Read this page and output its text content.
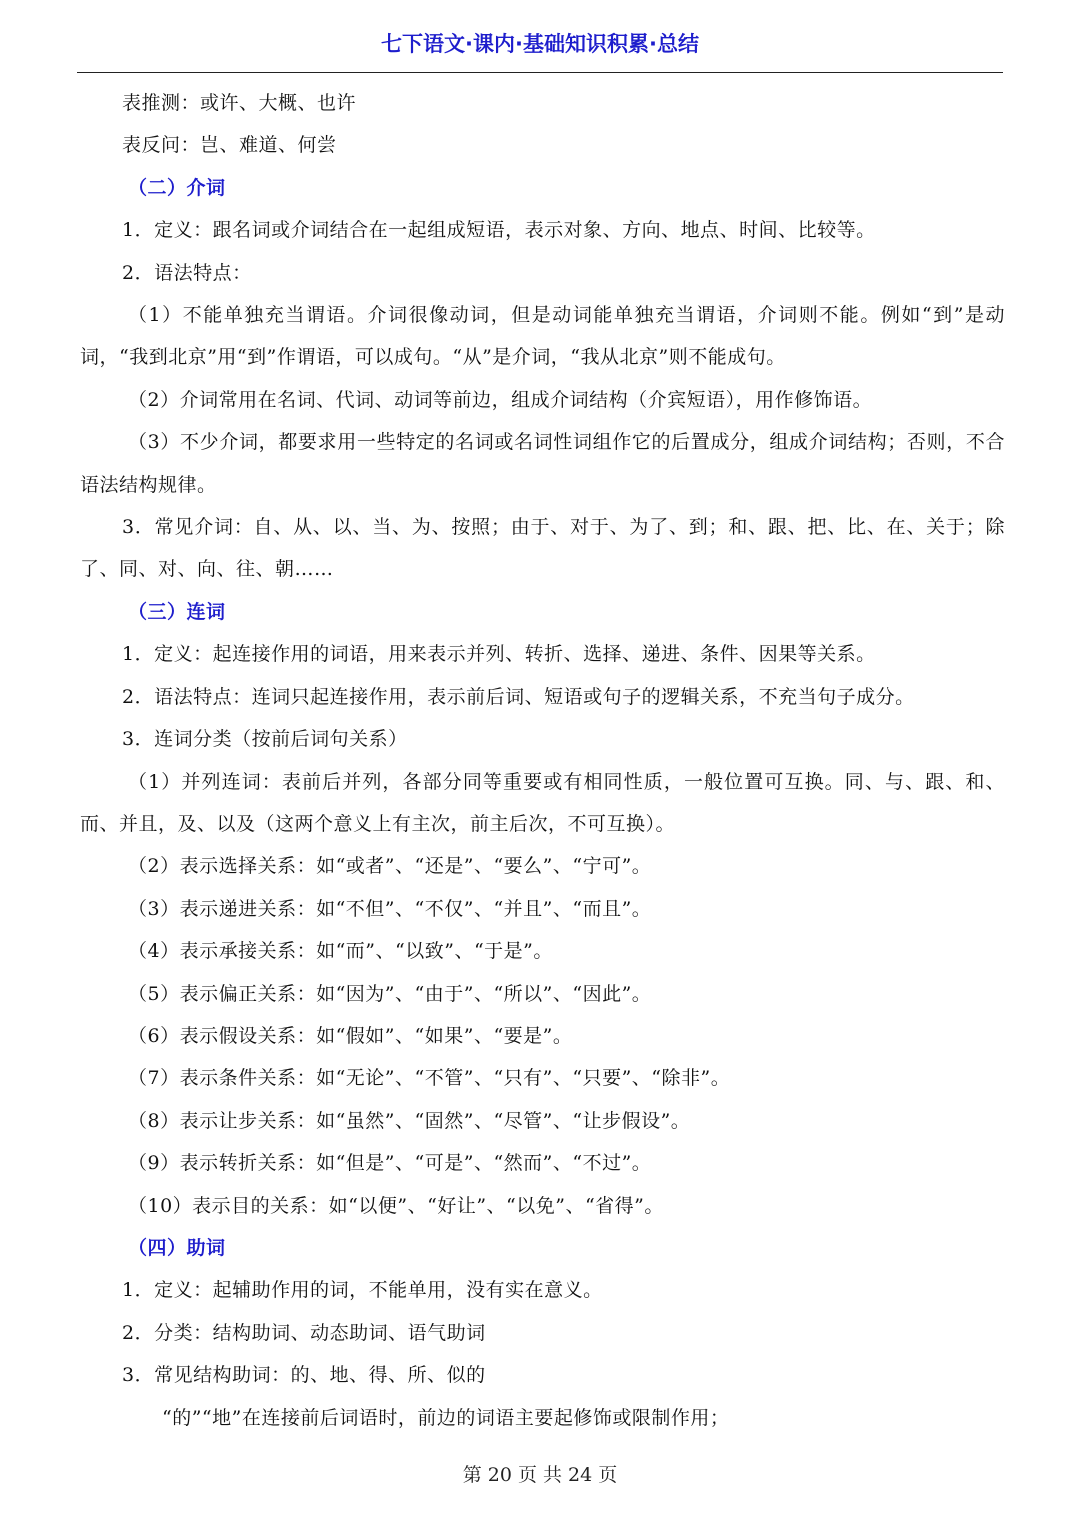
七下语文·课内·基础知识积累·总结

表推测：或许、大概、也许

表反问：岂、难道、何尝

（二）介词

1．定义：跟名词或介词结合在一起组成短语，表示对象、方向、地点、时间、比较等。

2．语法特点：

（1）不能单独充当谓语。介词很像动词，但是动词能单独充当谓语，介词则不能。例如“到”是动词，“我到北京”用“到”作谓语，可以成句。“从”是介词，“我从北京”则不能成句。

（2）介词常用在名词、代词、动词等前边，组成介词结构（介宾短语），用作修饰语。

（3）不少介词，都要求用一些特定的名词或名词性词组作它的后置成分，组成介词结构；否则，不合语法结构规律。

3．常见介词：自、从、以、当、为、按照；由于、对于、为了、到；和、跟、把、比、在、关于；除了、同、对、向、往、朝……

（三）连词

1．定义：起连接作用的词语，用来表示并列、转折、选择、递进、条件、因果等关系。

2．语法特点：连词只起连接作用，表示前后词、短语或句子的逻辑关系，不充当句子成分。

3．连词分类（按前后词句关系）

（1）并列连词：表前后并列，各部分同等重要或有相同性质，一般位置可互换。同、与、跟、和、而、并且，及、以及（这两个意义上有主次，前主后次，不可互换）。

（2）表示选择关系：如“或者”、“还是”、“要么”、“宁可”。

（3）表示递进关系：如“不但”、“不仅”、“并且”、“而且”。

（4）表示承接关系：如“而”、“以致”、“于是”。

（5）表示偏正关系：如“因为”、“由于”、“所以”、“因此”。

（6）表示假设关系：如“假如”、“如果”、“要是”。

（7）表示条件关系：如“无论”、“不管”、“只有”、“只要”、“除非”。

（8）表示让步关系：如“虽然”、“固然”、“尽管”、“让步假设”。

（9）表示转折关系：如“但是”、“可是”、“然而”、“不过”。

（10）表示目的关系：如“以便”、“好让”、“以免”、“省得”。

（四）助词

1．定义：起辅助作用的词，不能单用，没有实在意义。

2．分类：结构助词、动态助词、语气助词

3．常见结构助词：的、地、得、所、似的

“的”“地”在连接前后词语时，前边的词语主要起修饰或限制作用；

第 20 页 共 24 页
